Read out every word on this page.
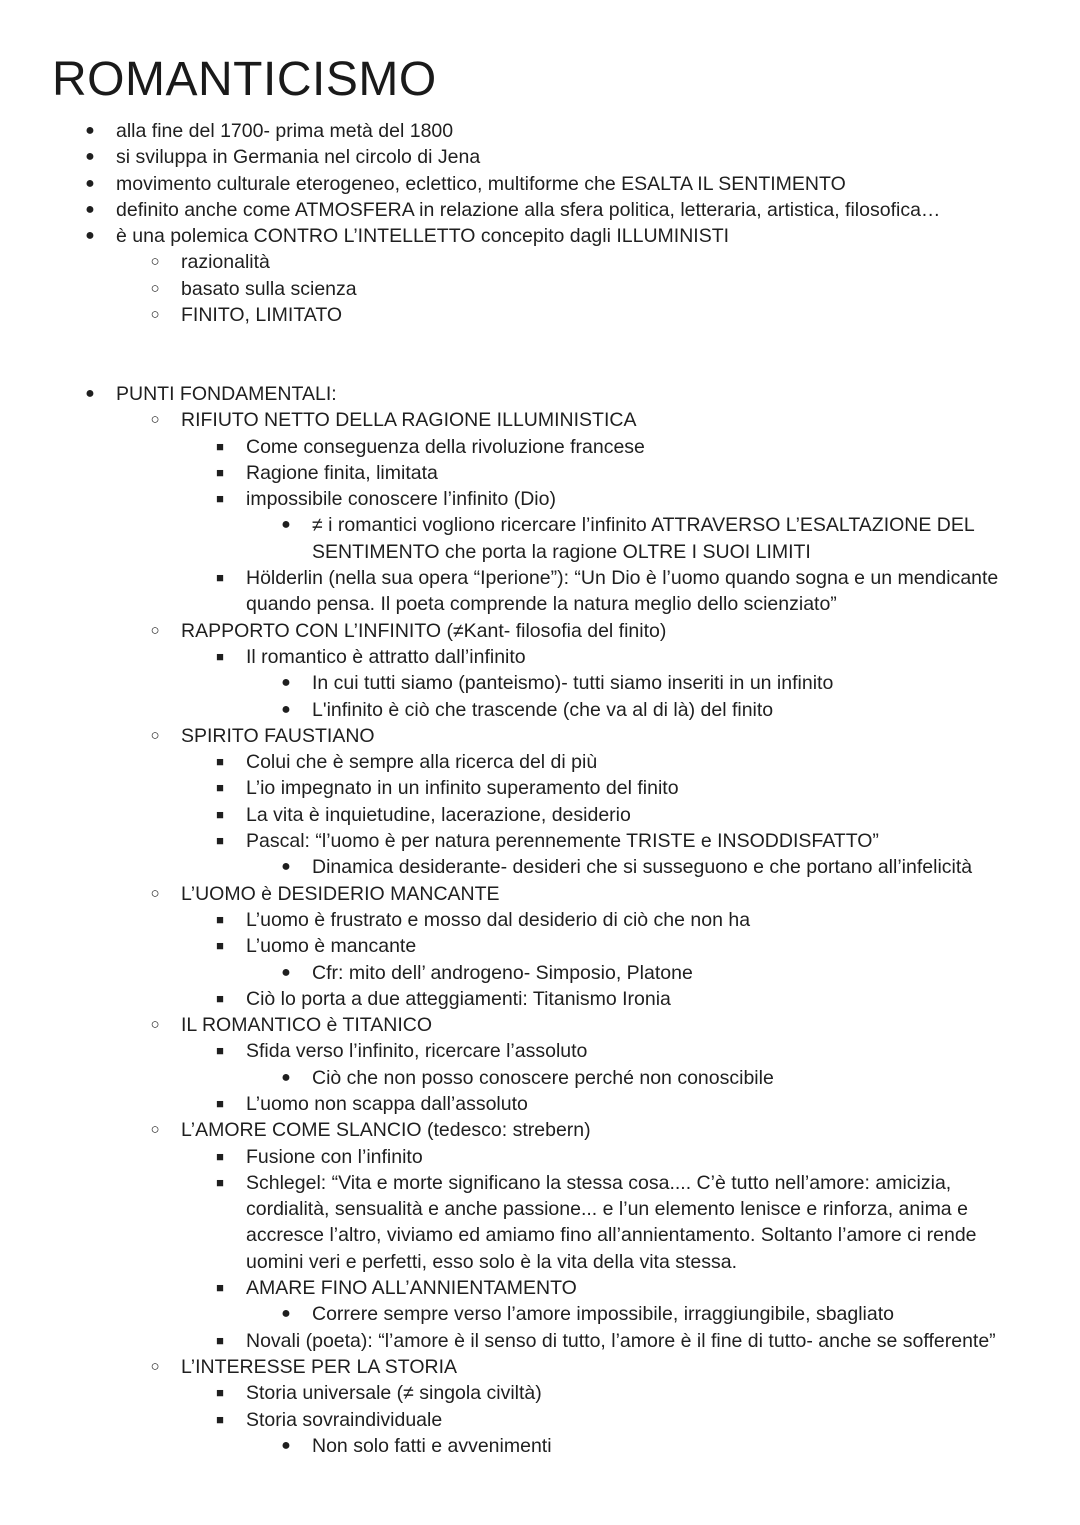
ROMANTICISMO
● alla fine del 1700- prima metà del 1800
● si sviluppa in Germania nel circolo di Jena
● movimento culturale eterogeneo, eclettico, multiforme che ESALTA IL SENTIMENTO
● definito anche come ATMOSFERA in relazione alla sfera politica, letteraria, artistica, filosofica…
● è una polemica CONTRO L’INTELLETTO concepito dagli ILLUMINISTI
○ razionalità
○ basato sulla scienza
○ FINITO, LIMITATO
● PUNTI FONDAMENTALI:
○ RIFIUTO NETTO DELLA RAGIONE ILLUMINISTICA
■	Come conseguenza della rivoluzione francese
■	Ragione finita, limitata
■	impossibile conoscere l’infinito (Dio)
● ≠ i romantici vogliono ricercare l’infinito ATTRAVERSO L’ESALTAZIONE DEL
SENTIMENTO che porta la ragione OLTRE I SUOI LIMITI
■	Hölderlin (nella sua opera “Iperione”): “Un Dio è l’uomo quando sogna e un mendicante
quando pensa. Il poeta comprende la natura meglio dello scienziato”
○ RAPPORTO CON L’INFINITO (≠Kant- filosofia del finito)
■	Il romantico è attratto dall’infinito
● In cui tutti siamo (panteismo)- tutti siamo inseriti in un infinito
● L'infinito è ciò che trascende (che va al di là) del finito
○ SPIRITO FAUSTIANO
■	Colui che è sempre alla ricerca del di più
■	L’io impegnato in un infinito superamento del finito
■	La vita è inquietudine, lacerazione, desiderio
■	Pascal: “l’uomo è per natura perennemente TRISTE e INSODDISFATTO”
● Dinamica desiderante- desideri che si susseguono e che portano all’infelicità
○ L’UOMO è DESIDERIO MANCANTE
■	L’uomo è frustrato e mosso dal desiderio di ciò che non ha
■	L’uomo è mancante
● Cfr: mito dell’ androgeno- Simposio, Platone
■	Ciò lo porta a due atteggiamenti: Titanismo Ironia
○ IL ROMANTICO è TITANICO
■	Sfida verso l’infinito, ricercare l’assoluto
● Ciò che non posso conoscere perché non conoscibile
■	L’uomo non scappa dall’assoluto
○ L’AMORE COME SLANCIO (tedesco: strebern)
■	Fusione con l’infinito
■	Schlegel: “Vita e morte significano la stessa cosa.... C’è tutto nell’amore: amicizia,
cordialità, sensualità e anche passione... e l’un elemento lenisce e rinforza, anima e
accresce l’altro, viviamo ed amiamo fino all’annientamento. Soltanto l’amore ci rende
uomini veri e perfetti, esso solo è la vita della vita stessa.
■	AMARE FINO ALL’ANNIENTAMENTO
● Correre sempre verso l’amore impossibile, irraggiungibile, sbagliato
■	Novali (poeta): “l’amore è il senso di tutto, l’amore è il fine di tutto- anche se sofferente”
○ L’INTERESSE PER LA STORIA
■	Storia universale (≠ singola civiltà)
■	Storia sovraindividuale
● Non solo fatti e avvenimenti
